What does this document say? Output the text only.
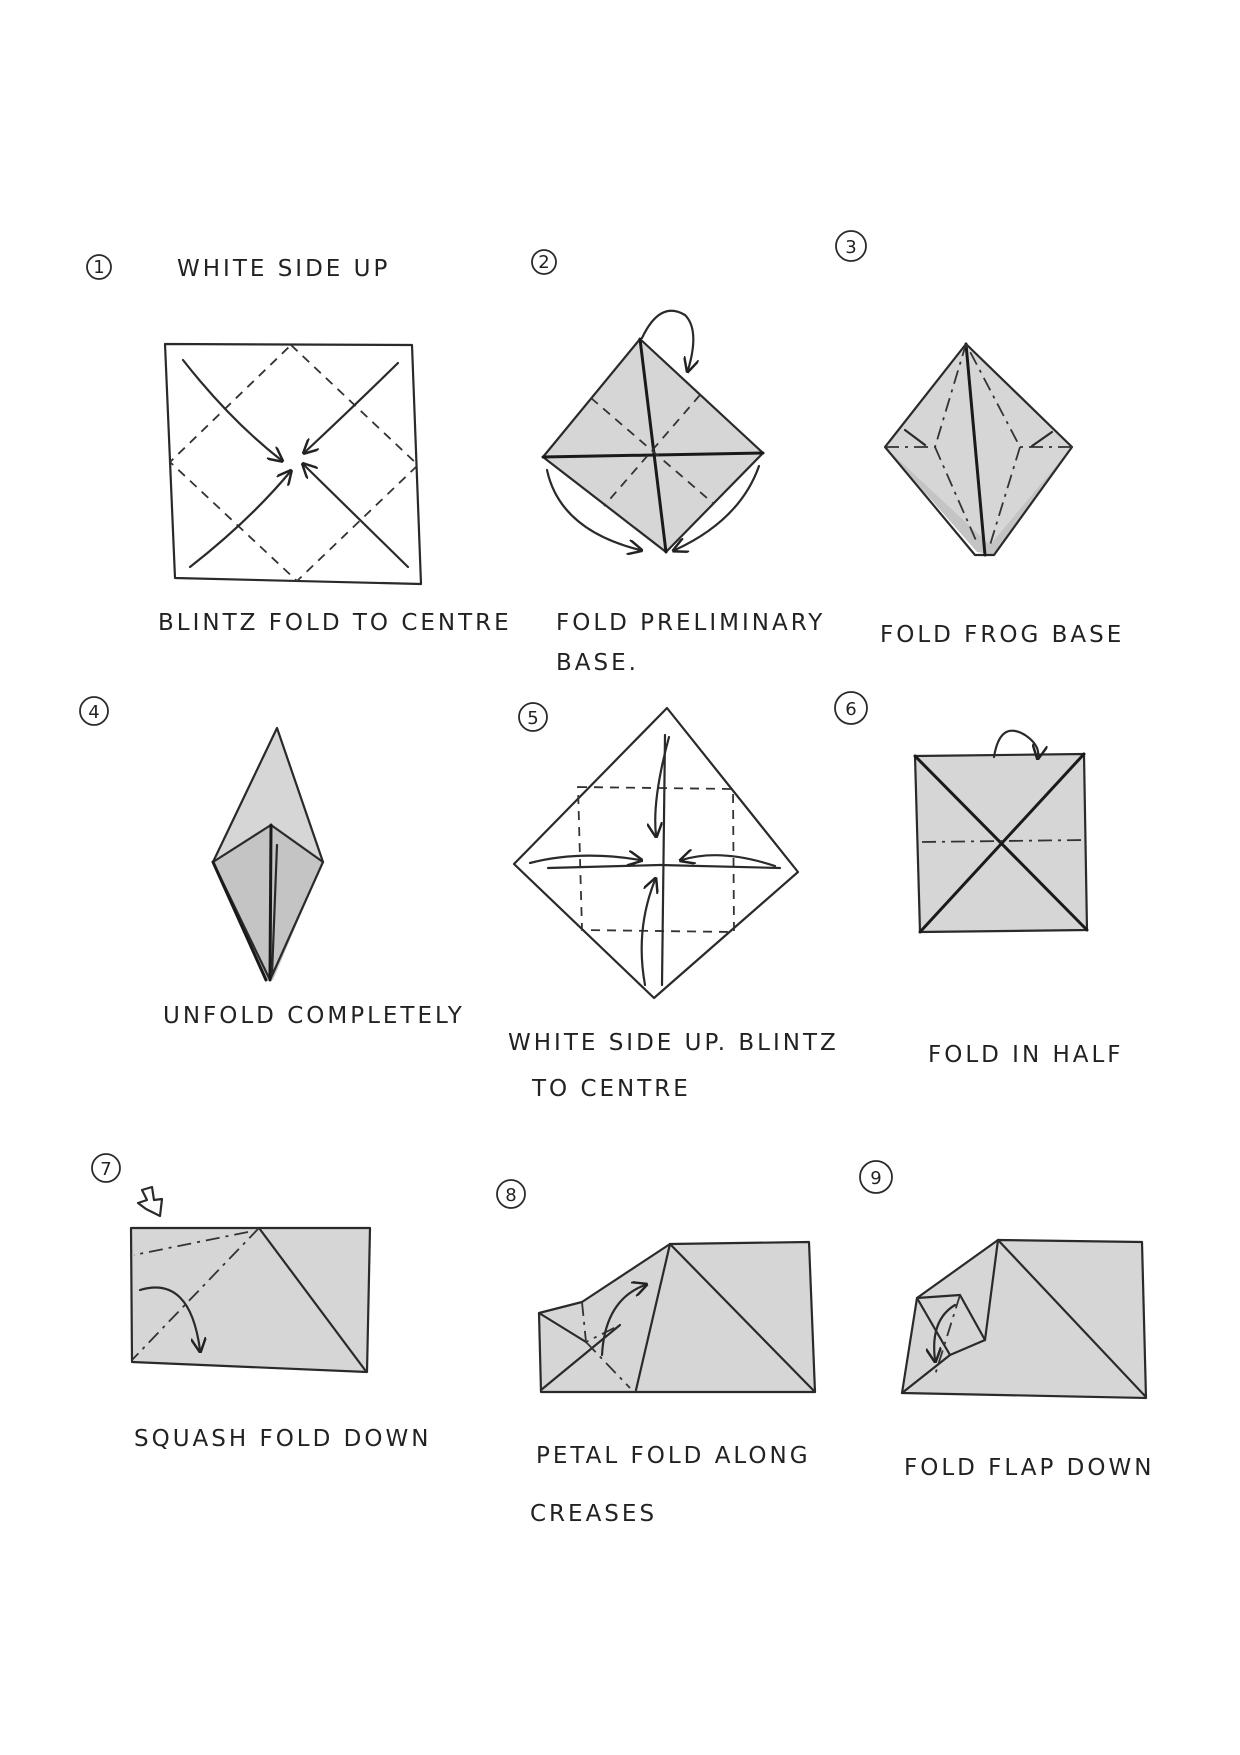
1	WHITE SIDE UP
BLINTZ FOLD TO CENTRE
2
FOLD PRELIMINARY
BASE.
3
FOLD FROG BASE
4
UNFOLD COMPLETELY
5
WHITE SIDE UP. BLINTZ
TO CENTRE
6
FOLD IN HALF
7
SQUASH FOLD DOWN
8
PETAL FOLD ALONG
CREASES
9
FOLD FLAP DOWN
